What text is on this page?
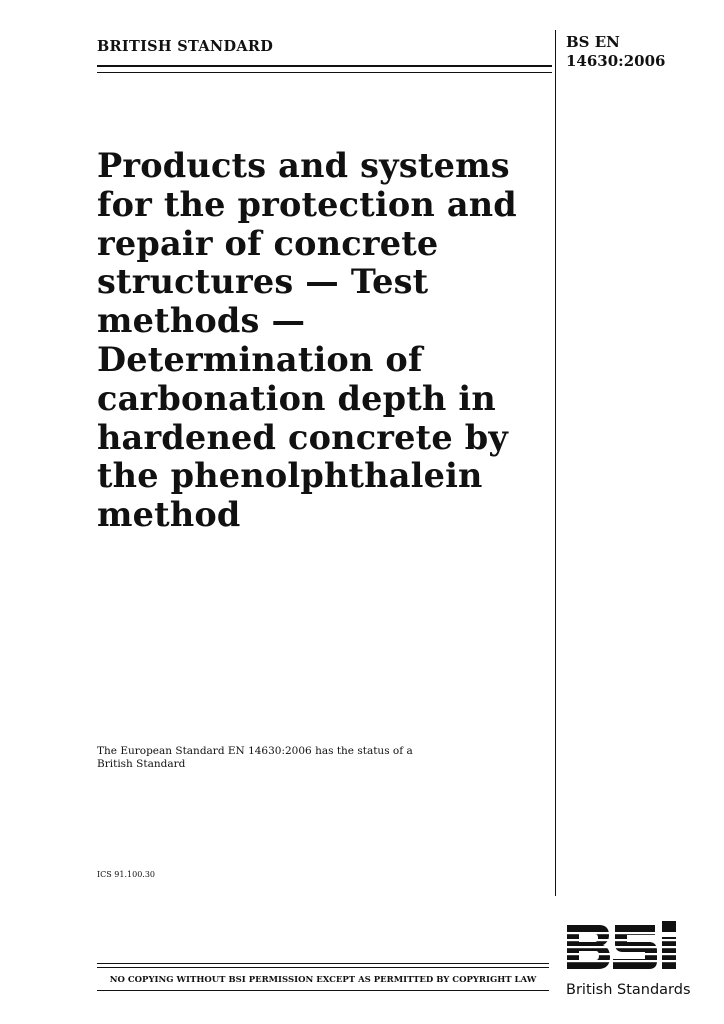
BRITISH STANDARD	BS EN
14630:2006
Products and systems
for the protection and
repair of concrete
structures — Test
methods —
Determination of
carbonation depth in
hardened concrete by
the phenolphthalein
method
The European Standard EN 14630:2006 has the status of a
British Standard
ICS 91.100.30
NO COPYING WITHOUT BSI PERMISSION EXCEPT AS PERMITTED BY COPYRIGHT LAW
British Standards
